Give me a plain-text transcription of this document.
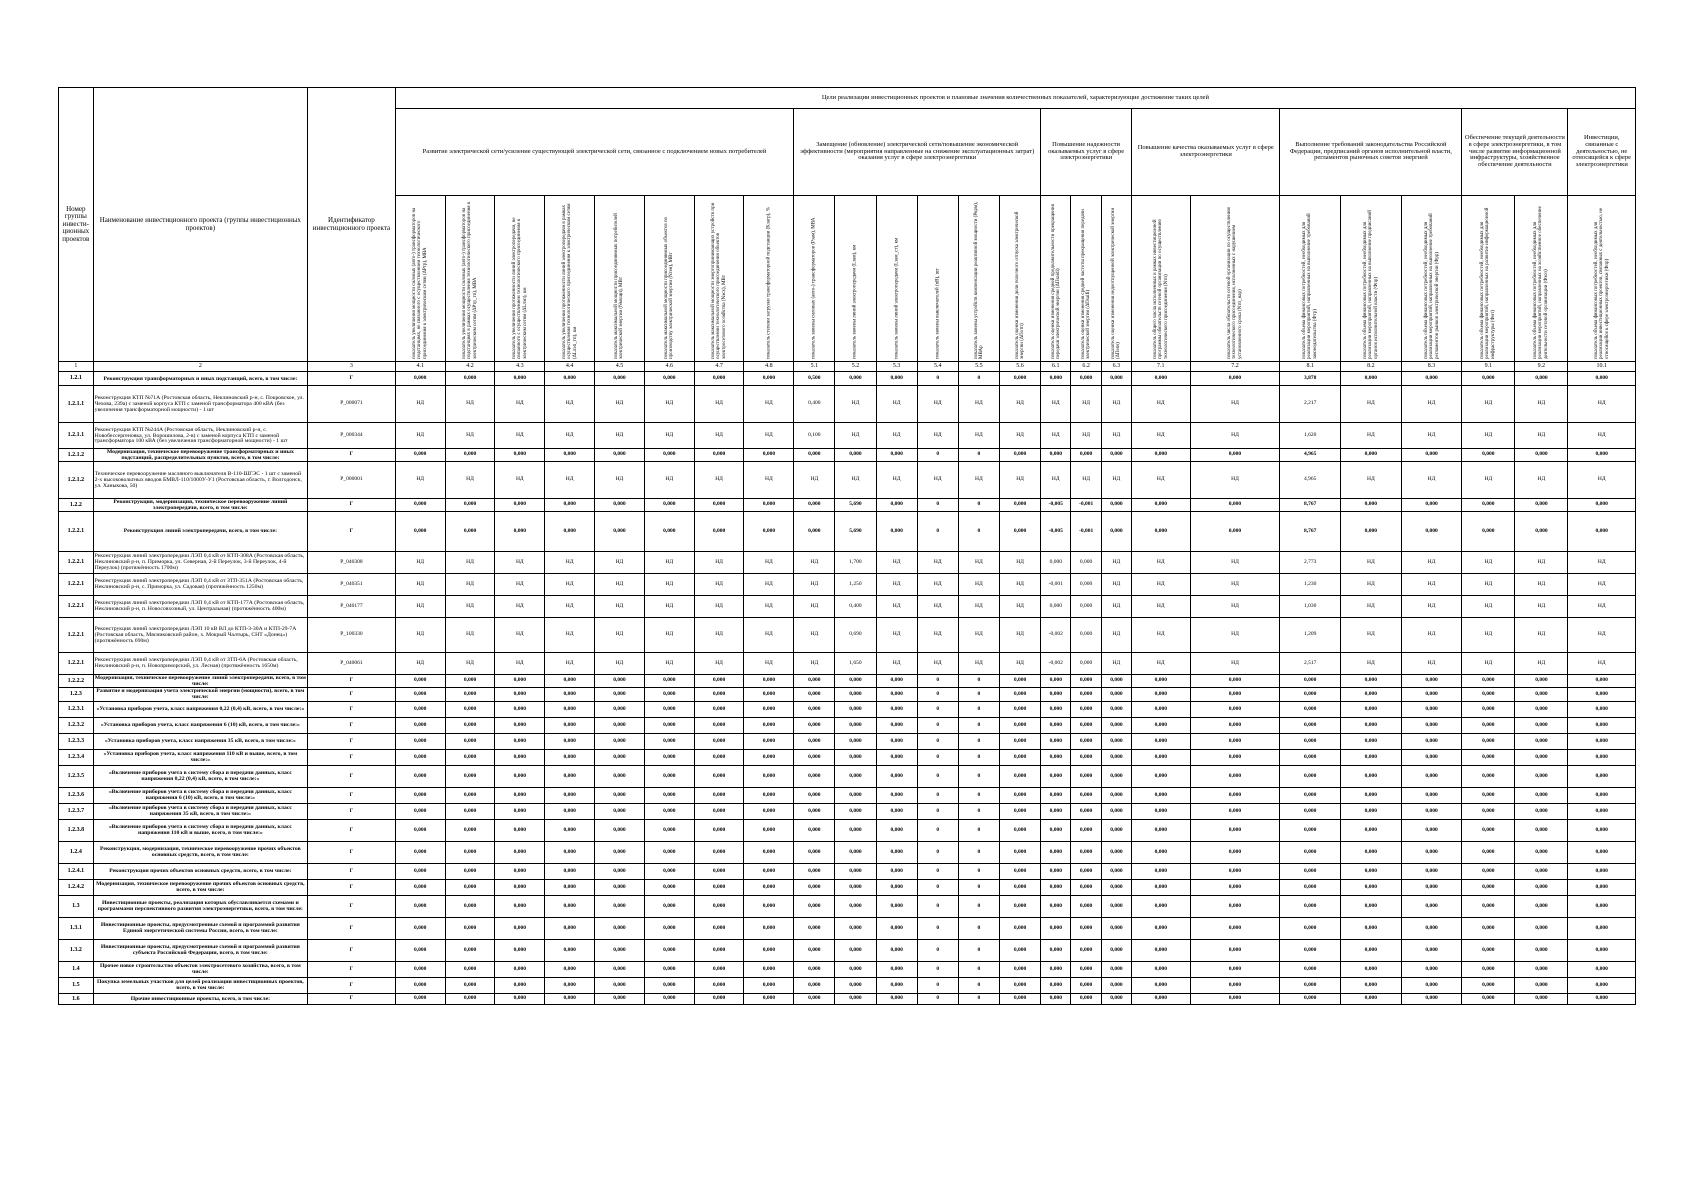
Номер группы инвести-ционных проектов	Наименование инвестиционного проекта (группы инвестиционных проектов)	Идентификатор инвестиционного проекта	Цели реализации инвестиционных проектов и плановые значения количественных показателей, характеризующие достижение таких целей																								
			Развитие электрической сети/усиление существующей электрической сети, связанное с подключением новых потребителей								Замещение (обновление) электрической сети/повышение экономической эффективности (мероприятия направленные на снижение эксплуатационных затрат) оказания услуг в сфере электроэнергетики						Повышение надежности оказываемых услуг в сфере электроэнергетики			Повышение качества оказываемых услуг в сфере электроэнергетики		Выполнение требований законодательства Российской Федерации, предписаний органов исполнительной власти, регламентов рыночных советов энергией			Обеспечение текущей деятельности в сфере электроэнергетики, в том числе развитие информационной инфраструктуры, хозяйственное обеспечение деятельности		Инвестиции, связанные с деятельностью, не относящейся к сфере электроэнергетики

			показатель увеличения мощности силовых (авто-) трансформаторов на подстанциях, не связанного с осуществлением технологического присоединения к электрическим сетям (ΔPтр), МВА	показатель увеличения мощности силовых (авто-) трансформаторов на подстанциях в рамках осуществления технологического присоединения к электрическим сетям (ΔPтр_тп), МВА	показатель увеличения протяженности линий электропередачи, не связанного с осуществлением технологического присоединения к электрическим сетям (ΔLлэп), км	показатель увеличения протяженности линий электропередачи в рамках осуществления технологического присоединения к электрическим сетям (ΔLлэп_тп), км	показатель максимальной мощности присоединяемых потребителей электрической энергии (Nмощн), МВт	показатель максимальной мощности присоединяемых объектов по производству электрической энергии (Nген), МВт	показатель максимальной мощности энергопринимающих устройств при осуществлении технологического присоединения объектов электросетевого хозяйства (Nэсх), МВт	показатель степени загрузки трансформаторной подстанции (Kзагр), %	показатель замены силовых (авто-) трансформаторов (Pзам), МВА	показатель замены линий электропередачи (Lзам), км	показатель замены линий электропередачи (Lзам_ст), км	показатель замены выключателей (nВ), шт	показатель замены устройств компенсации реактивной мощности (Pкрм), МВАр	показатель оценки изменения доли полезного отпуска электрической энергии (ΔПотп)	показатель оценки изменения средней продолжительности прекращения передачи электрической энергии (ΔПsaidi)	показатель оценки изменения средней частоты прекращения передачи электрической энергии (ΔПsaifi)	показатель оценки изменения недоотпущенной электрической энергии (ΔПens)	показатель общего числа исполненных в рамках инвестиционной программы обязательств сетевой организации по осуществлению технологического присоединения (Nтп)	показатель числа обязательств сетевой организации по осуществлению технологического присоединения, исполненных с нарушением установленного срока (Nтп_нар)	показатель объема финансовых потребностей, необходимых для реализации мероприятий, направленных на выполнение требований законодательства (Фтр)	показатель объема финансовых потребностей, необходимых для реализации мероприятий, направленных на выполнение предписаний органов исполнительной власти (Фпр)	показатель объема финансовых потребностей, необходимых для реализации мероприятий, направленных на выполнение требований регламентов рынков электрической энергии (Фрр)	показатель объема финансовых потребностей, необходимых для реализации мероприятий, направленных на развитие информационной инфраструктуры (Фит)	показатель объема финансовых потребностей, необходимых для реализации мероприятий, направленных на хозяйственное обеспечение деятельности сетевой организации (Фхоз)	показатель объема финансовых потребностей, необходимых для реализации инвестиционных проектов, связанных с деятельностью, не относящейся к сфере электроэнергетики (Фпр)

1	2	3	4.1	4.2	4.3	4.4	4.5	4.6	4.7	4.8	5.1	5.2	5.3	5.4	5.5	5.6	6.1	6.2	6.3	7.1	7.2	8.1	8.2	8.3	9.1	9.2	10.1
1.2.1	Реконструкция трансформаторных и иных подстанций, всего, в том числе:	Г	0,000	0,000	0,000	0,000	0,000	0,000	0,000	0,000	0,500	0,000	0,000	0	0	0,000	0,000	0,000	0,000	0,000	0,000	3,878	0,000	0,000	0,000	0,000	0,000
1.2.1.1	Реконструкция КТП №71А (Ростовская область, Неклиновский р-н, с. Покровское, ул. Чехова, 239а) с заменой корпуса КТП с заменой трансформатора 400 кВА (без увеличения трансформаторной мощности) - 1 шт	P_000071	НД	НД	НД	НД	НД	НД	НД	НД	0,400	НД	НД	НД	НД	НД	НД	НД	НД	НД	НД	2,217	НД	НД	НД	НД	НД
1.2.1.1	Реконструкция КТП №244А (Ростовская область, Неклиновский р-н, с. Новобессергеновка, ул. Ворошилова, 2-в) с заменой корпуса КТП с заменой трансформатора 100 кВА (без увеличения трансформаторной мощности) - 1 шт	P_000344	НД	НД	НД	НД	НД	НД	НД	НД	0,100	НД	НД	НД	НД	НД	НД	НД	НД	НД	НД	1,620	НД	НД	НД	НД	НД
1.2.1.2	Модернизация, техническое перевооружение трансформаторных и иных подстанций, распределительных пунктов, всего, в том числе:	Г	0,000	0,000	0,000	0,000	0,000	0,000	0,000	0,000	0,000	0,000	0,000	0	0	0,000	0,000	0,000	0,000	0,000	0,000	4,965	0,000	0,000	0,000	0,000	0,000
1.2.1.2	Техническое перевооружение масляного выключателя В-110-ШГЭС - 1 шт с заменой 2-х высоковольтных вводов БМВЛ-110/1000У-У1 (Ростовская область, г. Волгодонск, ул. Ханыкова, 50)	P_000001	НД	НД	НД	НД	НД	НД	НД	НД	НД	НД	НД	НД	НД	НД	НД	НД	НД	НД	НД	4,965	НД	НД	НД	НД	НД
1.2.2	Реконструкция, модернизация, техническое перевооружение линий электропередачи, всего, в том числе:	Г	0,000	0,000	0,000	0,000	0,000	0,000	0,000	0,000	0,000	5,690	0,000	0	0	0,000	-0,005	-0,001	0,000	0,000	0,000	8,767	0,000	0,000	0,000	0,000	0,000
1.2.2.1	Реконструкция линий электропередачи, всего, в том числе:	Г	0,000	0,000	0,000	0,000	0,000	0,000	0,000	0,000	0,000	5,690	0,000	0	0	0,000	-0,005	-0,001	0,000	0,000	0,000	8,767	0,000	0,000	0,000	0,000	0,000
1.2.2.1	Реконструкция линий электропередачи ЛЭП 0,4 кВ от КТП-308А (Ростовская область, Неклиновский р-н, п. Приморка, ул. Северная, 2-й Переулок, 3-й Переулок, 4-й Переулок) (протяжённость 1700м)	P_040308	НД	НД	НД	НД	НД	НД	НД	НД	НД	1,700	НД	НД	НД	НД	0,000	0,000	НД	НД	НД	2,773	НД	НД	НД	НД	НД
1.2.2.1	Реконструкция линий электропередачи ЛЭП 0,4 кВ от ЗТП-351А (Ростовская область, Неклиновский р-н, с. Приморка, ул. Садовая) (протяжённость 1250м)	P_040351	НД	НД	НД	НД	НД	НД	НД	НД	НД	1,250	НД	НД	НД	НД	-0,001	0,000	НД	НД	НД	1,230	НД	НД	НД	НД	НД
1.2.2.1	Реконструкция линий электропередачи ЛЭП 0,4 кВ от КТП-177А (Ростовская область, Неклиновский р-н, п. Новосовхозный, ул. Центральная) (протяжённость 400м)	P_040177	НД	НД	НД	НД	НД	НД	НД	НД	НД	0,400	НД	НД	НД	НД	0,000	0,000	НД	НД	НД	1,030	НД	НД	НД	НД	НД
1.2.2.1	Реконструкция линий электропередачи ЛЭП 10 кВ ВЛ до КТП-3-30А и КТП-29-7А (Ростовская область, Мясниковский район, х. Мокрый Чалтырь, СНТ «Донец») (протяжённость 690м)	P_100330	НД	НД	НД	НД	НД	НД	НД	НД	НД	0,690	НД	НД	НД	НД	-0,002	0,000	НД	НД	НД	1,209	НД	НД	НД	НД	НД
1.2.2.1	Реконструкция линий электропередачи ЛЭП 0,4 кВ от ЗТП-6А (Ростовская область, Неклиновский р-н, п. Новоприморский, ул. Лесная) (протяжённость 1650м)	P_040061	НД	НД	НД	НД	НД	НД	НД	НД	НД	1,650	НД	НД	НД	НД	-0,002	0,000	НД	НД	НД	2,517	НД	НД	НД	НД	НД
1.2.2.2	Модернизация, техническое перевооружение линий электропередачи, всего, в том числе:	Г	0,000	0,000	0,000	0,000	0,000	0,000	0,000	0,000	0,000	0,000	0,000	0	0	0,000	0,000	0,000	0,000	0,000	0,000	0,000	0,000	0,000	0,000	0,000	0,000
1.2.3	Развитие и модернизация учета электрической энергии (мощности), всего, в том числе:	Г	0,000	0,000	0,000	0,000	0,000	0,000	0,000	0,000	0,000	0,000	0,000	0	0	0,000	0,000	0,000	0,000	0,000	0,000	0,000	0,000	0,000	0,000	0,000	0,000
1.2.3.1	«Установка приборов учета, класс напряжения 0,22 (0,4) кВ, всего, в том числе:»	Г	0,000	0,000	0,000	0,000	0,000	0,000	0,000	0,000	0,000	0,000	0,000	0	0	0,000	0,000	0,000	0,000	0,000	0,000	0,000	0,000	0,000	0,000	0,000	0,000
1.2.3.2	«Установка приборов учета, класс напряжения 6 (10) кВ, всего, в том числе:»	Г	0,000	0,000	0,000	0,000	0,000	0,000	0,000	0,000	0,000	0,000	0,000	0	0	0,000	0,000	0,000	0,000	0,000	0,000	0,000	0,000	0,000	0,000	0,000	0,000
1.2.3.3	«Установка приборов учета, класс напряжения 35 кВ, всего, в том числе:»	Г	0,000	0,000	0,000	0,000	0,000	0,000	0,000	0,000	0,000	0,000	0,000	0	0	0,000	0,000	0,000	0,000	0,000	0,000	0,000	0,000	0,000	0,000	0,000	0,000
1.2.3.4	«Установка приборов учета, класс напряжения 110 кВ и выше, всего, в том числе:»	Г	0,000	0,000	0,000	0,000	0,000	0,000	0,000	0,000	0,000	0,000	0,000	0	0	0,000	0,000	0,000	0,000	0,000	0,000	0,000	0,000	0,000	0,000	0,000	0,000
1.2.3.5	«Включение приборов учета в систему сбора и передачи данных, класс напряжения 0,22 (0,4) кВ, всего, в том числе:»	Г	0,000	0,000	0,000	0,000	0,000	0,000	0,000	0,000	0,000	0,000	0,000	0	0	0,000	0,000	0,000	0,000	0,000	0,000	0,000	0,000	0,000	0,000	0,000	0,000
1.2.3.6	«Включение приборов учета в систему сбора и передачи данных, класс напряжения 6 (10) кВ, всего, в том числе:»	Г	0,000	0,000	0,000	0,000	0,000	0,000	0,000	0,000	0,000	0,000	0,000	0	0	0,000	0,000	0,000	0,000	0,000	0,000	0,000	0,000	0,000	0,000	0,000	0,000
1.2.3.7	«Включение приборов учета в систему сбора и передачи данных, класс напряжения 35 кВ, всего, в том числе:»	Г	0,000	0,000	0,000	0,000	0,000	0,000	0,000	0,000	0,000	0,000	0,000	0	0	0,000	0,000	0,000	0,000	0,000	0,000	0,000	0,000	0,000	0,000	0,000	0,000
1.2.3.8	«Включение приборов учета в систему сбора и передачи данных, класс напряжения 110 кВ и выше, всего, в том числе:»	Г	0,000	0,000	0,000	0,000	0,000	0,000	0,000	0,000	0,000	0,000	0,000	0	0	0,000	0,000	0,000	0,000	0,000	0,000	0,000	0,000	0,000	0,000	0,000	0,000
1.2.4	Реконструкция, модернизация, техническое перевооружение прочих объектов основных средств, всего, в том числе:	Г	0,000	0,000	0,000	0,000	0,000	0,000	0,000	0,000	0,000	0,000	0,000	0	0	0,000	0,000	0,000	0,000	0,000	0,000	0,000	0,000	0,000	0,000	0,000	0,000
1.2.4.1	Реконструкция прочих объектов основных средств, всего, в том числе:	Г	0,000	0,000	0,000	0,000	0,000	0,000	0,000	0,000	0,000	0,000	0,000	0	0	0,000	0,000	0,000	0,000	0,000	0,000	0,000	0,000	0,000	0,000	0,000	0,000
1.2.4.2	Модернизация, техническое перевооружение прочих объектов основных средств, всего, в том числе:	Г	0,000	0,000	0,000	0,000	0,000	0,000	0,000	0,000	0,000	0,000	0,000	0	0	0,000	0,000	0,000	0,000	0,000	0,000	0,000	0,000	0,000	0,000	0,000	0,000
1.3	Инвестиционные проекты, реализация которых обуславливается схемами и программами перспективного развития электроэнергетики, всего, в том числе:	Г	0,000	0,000	0,000	0,000	0,000	0,000	0,000	0,000	0,000	0,000	0,000	0	0	0,000	0,000	0,000	0,000	0,000	0,000	0,000	0,000	0,000	0,000	0,000	0,000
1.3.1	Инвестиционные проекты, предусмотренные схемой и программой развития Единой энергетической системы России, всего, в том числе:	Г	0,000	0,000	0,000	0,000	0,000	0,000	0,000	0,000	0,000	0,000	0,000	0	0	0,000	0,000	0,000	0,000	0,000	0,000	0,000	0,000	0,000	0,000	0,000	0,000
1.3.2	Инвестиционные проекты, предусмотренные схемой и программой развития субъекта Российской Федерации, всего, в том числе:	Г	0,000	0,000	0,000	0,000	0,000	0,000	0,000	0,000	0,000	0,000	0,000	0	0	0,000	0,000	0,000	0,000	0,000	0,000	0,000	0,000	0,000	0,000	0,000	0,000
1.4	Прочее новое строительство объектов электросетевого хозяйства, всего, в том числе:	Г	0,000	0,000	0,000	0,000	0,000	0,000	0,000	0,000	0,000	0,000	0,000	0	0	0,000	0,000	0,000	0,000	0,000	0,000	0,000	0,000	0,000	0,000	0,000	0,000
1.5	Покупка земельных участков для целей реализации инвестиционных проектов, всего, в том числе:	Г	0,000	0,000	0,000	0,000	0,000	0,000	0,000	0,000	0,000	0,000	0,000	0	0	0,000	0,000	0,000	0,000	0,000	0,000	0,000	0,000	0,000	0,000	0,000	0,000
1.6	Прочие инвестиционные проекты, всего, в том числе:	Г	0,000	0,000	0,000	0,000	0,000	0,000	0,000	0,000	0,000	0,000	0,000	0	0	0,000	0,000	0,000	0,000	0,000	0,000	0,000	0,000	0,000	0,000	0,000	0,000
